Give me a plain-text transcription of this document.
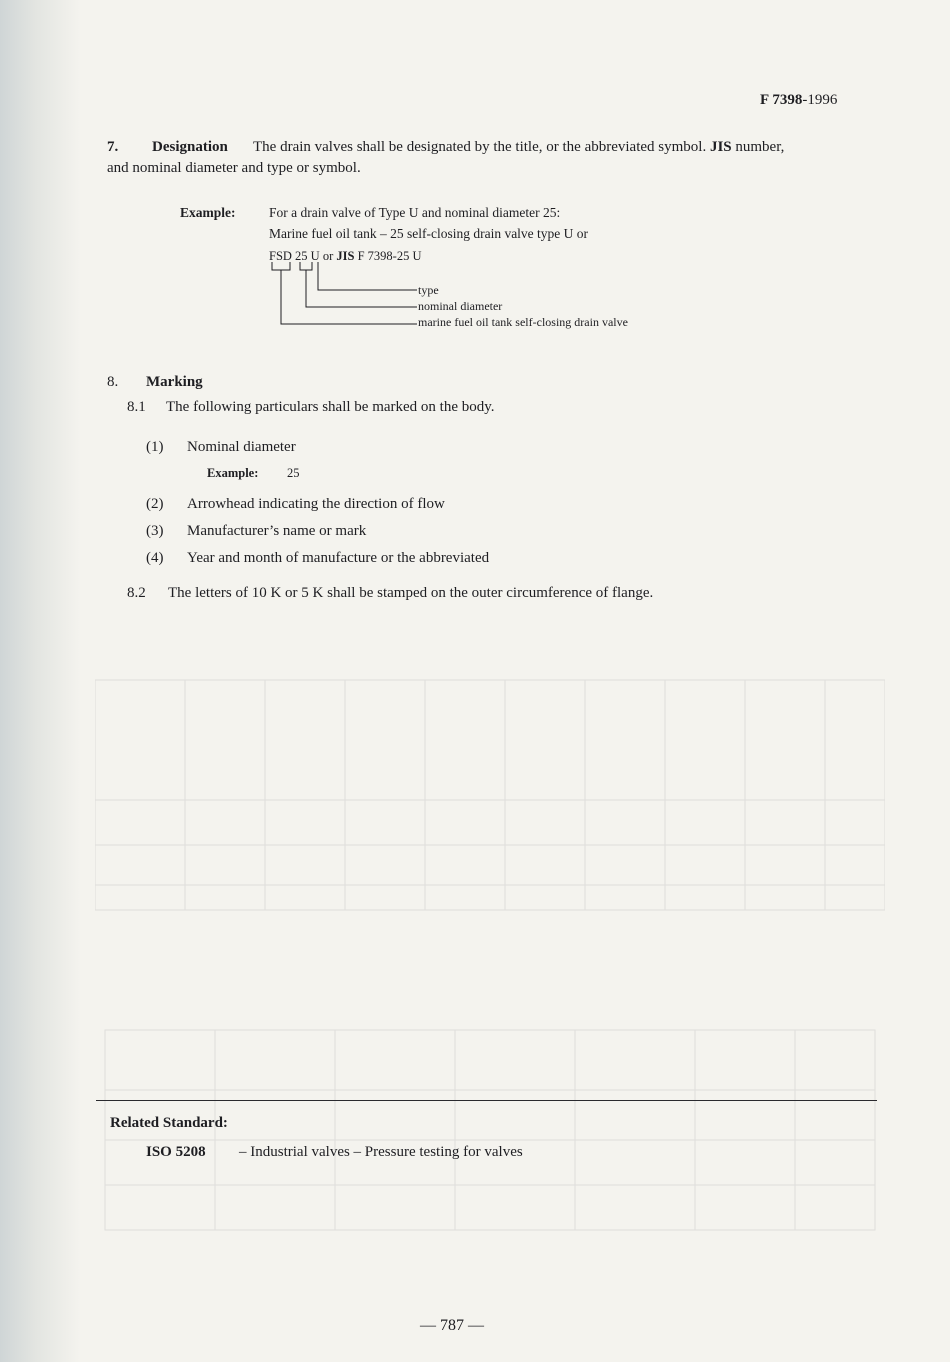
F 7398-1996
7. Designation The drain valves shall be designated by the title, or the abbreviated symbol. JIS number,
and nominal diameter and type or symbol.
Example: For a drain valve of Type U and nominal diameter 25:
Marine fuel oil tank – 25 self-closing drain valve type U or
FSD 25 U or JIS F 7398-25 U
type
nominal diameter
marine fuel oil tank self-closing drain valve
8. Marking
8.1 The following particulars shall be marked on the body.
(1) Nominal diameter
Example: 25
(2) Arrowhead indicating the direction of flow
(3) Manufacturer’s name or mark
(4) Year and month of manufacture or the abbreviated
8.2 The letters of 10 K or 5 K shall be stamped on the outer circumference of flange.
Related Standard:
ISO 5208 – Industrial valves – Pressure testing for valves
— 787 —
